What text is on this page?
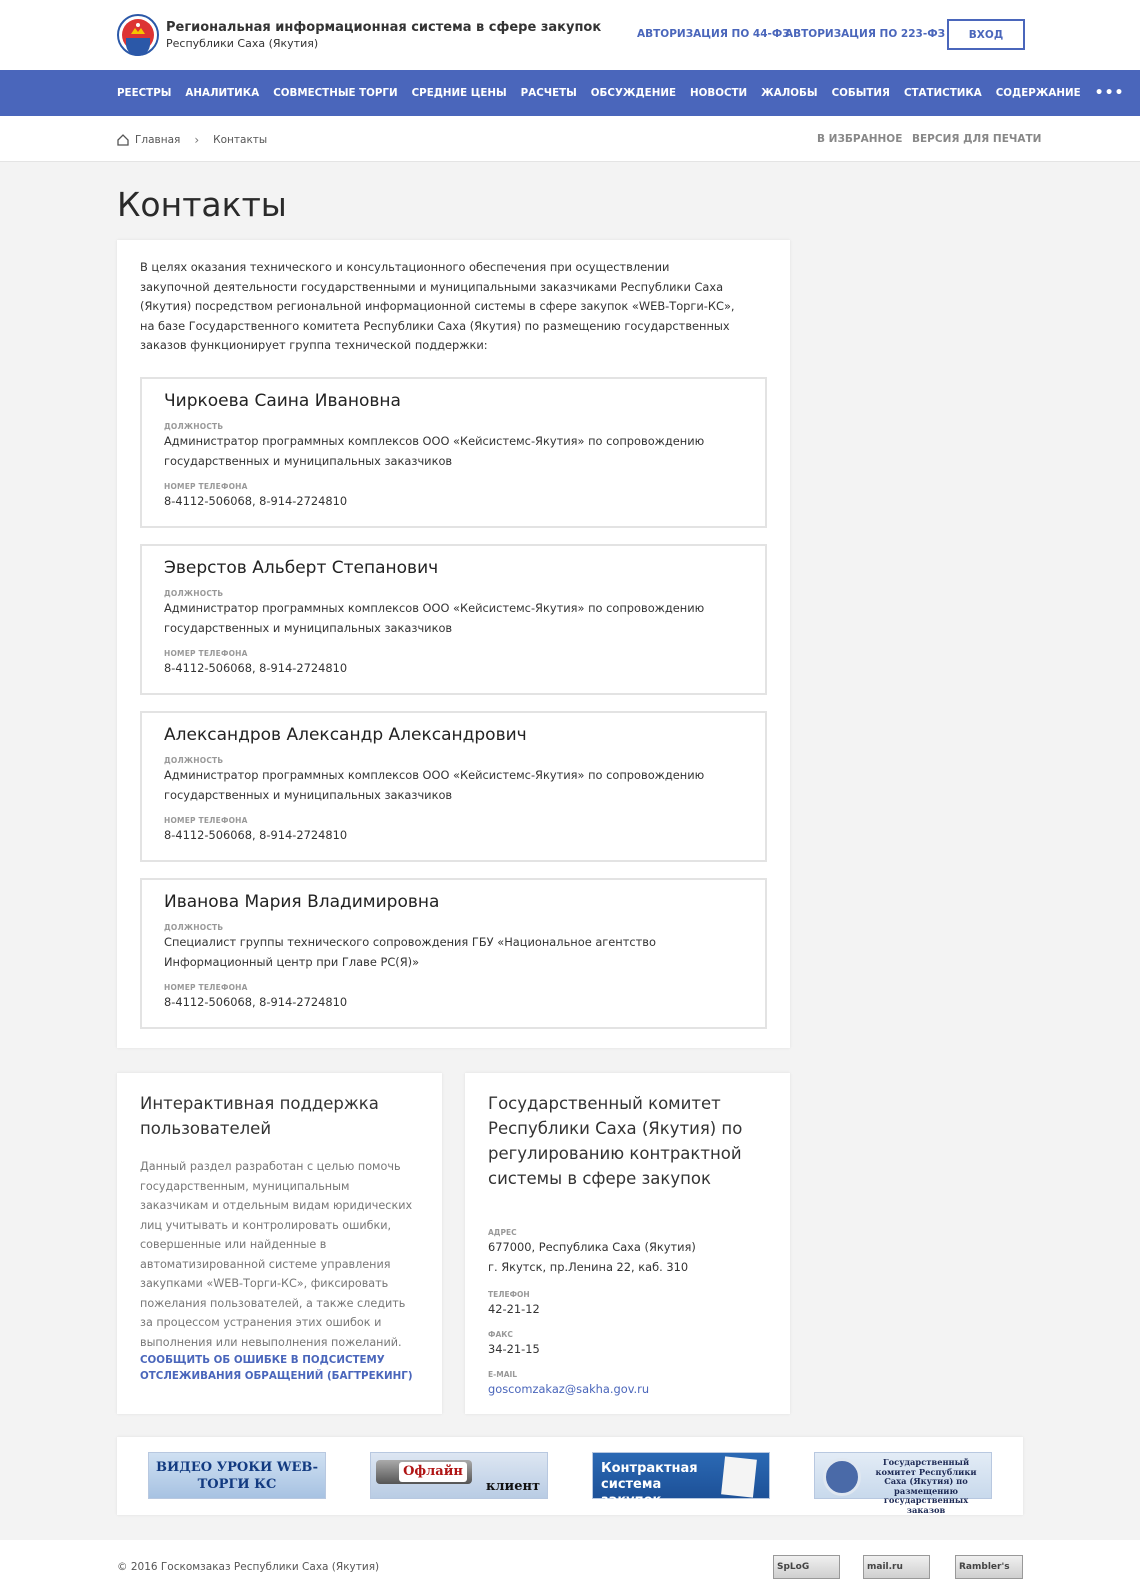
Региональная информационная система в сфере закупок
Республики Саха (Якутия)
АВТОРИЗАЦИЯ ПО 44-ФЗ
АВТОРИЗАЦИЯ ПО 223-ФЗ	ВХОД
РЕЕСТРЫ АНАЛИТИКА СОВМЕСТНЫЕ ТОРГИ СРЕДНИЕ ЦЕНЫ РАСЧЕТЫ ОБСУЖДЕНИЕ НОВОСТИ ЖАЛОБЫ СОБЫТИЯ СТАТИСТИКА СОДЕРЖАНИЕ •••
Главная › Контакты	В ИЗБРАННОЕ ВЕРСИЯ ДЛЯ ПЕЧАТИ
Контакты

В целях оказания технического и консультационного обеспечения при осуществлении закупочной деятельности государственными и муниципальными заказчиками Республики Саха (Якутия) посредством региональной информационной системы в сфере закупок «WEB-Торги-КС», на базе Государственного комитета Республики Саха (Якутия) по размещению государственных заказов функционирует группа технической поддержки:

Чиркоева Саина Ивановна
ДОЛЖНОСТЬ
Администратор программных комплексов ООО «Кейсистемс-Якутия» по сопровождению государственных и муниципальных заказчиков
НОМЕР ТЕЛЕФОНА
8-4112-506068, 8-914-2724810
Эверстов Альберт Степанович
ДОЛЖНОСТЬ
Администратор программных комплексов ООО «Кейсистемс-Якутия» по сопровождению государственных и муниципальных заказчиков
НОМЕР ТЕЛЕФОНА
8-4112-506068, 8-914-2724810
Александров Александр Александрович
ДОЛЖНОСТЬ
Администратор программных комплексов ООО «Кейсистемс-Якутия» по сопровождению государственных и муниципальных заказчиков
НОМЕР ТЕЛЕФОНА
8-4112-506068, 8-914-2724810
Иванова Мария Владимировна
ДОЛЖНОСТЬ
Специалист группы технического сопровождения ГБУ «Национальное агентство Информационный центр при Главе РС(Я)»
НОМЕР ТЕЛЕФОНА
8-4112-506068, 8-914-2724810
Интерактивная поддержка пользователей

Данный раздел разработан с целью помочь государственным, муниципальным заказчикам и отдельным видам юридических лиц учитывать и контролировать ошибки, совершенные или найденные в автоматизированной системе управления закупками «WEB-Торги-КС», фиксировать пожелания пользователей, а также следить за процессом устранения этих ошибок и выполнения или невыполнения пожеланий.

СООБЩИТЬ ОБ ОШИБКЕ В ПОДСИСТЕМУ ОТСЛЕЖИВАНИЯ ОБРАЩЕНИЙ (БАГТРЕКИНГ)
Государственный комитет Республики Саха (Якутия) по регулированию контрактной системы в сфере закупок
АДРЕС
677000, Республика Саха (Якутия)
г. Якутск, пр.Ленина 22, каб. 310
ТЕЛЕФОН
42-21-12
ФАКС
34-21-15
E-MAIL
goscomzakaz@sakha.gov.ru
ВИДЕО УРОКИ WEB-ТОРГИ КС
Офлайн
клиент
Контрактная система закупок
Государственный комитет Республики Саха (Якутия) по размещению государственных заказов
© 2016 Госкомзаказ Республики Саха (Якутия)	SpLoG	mail.ru	Rambler's
